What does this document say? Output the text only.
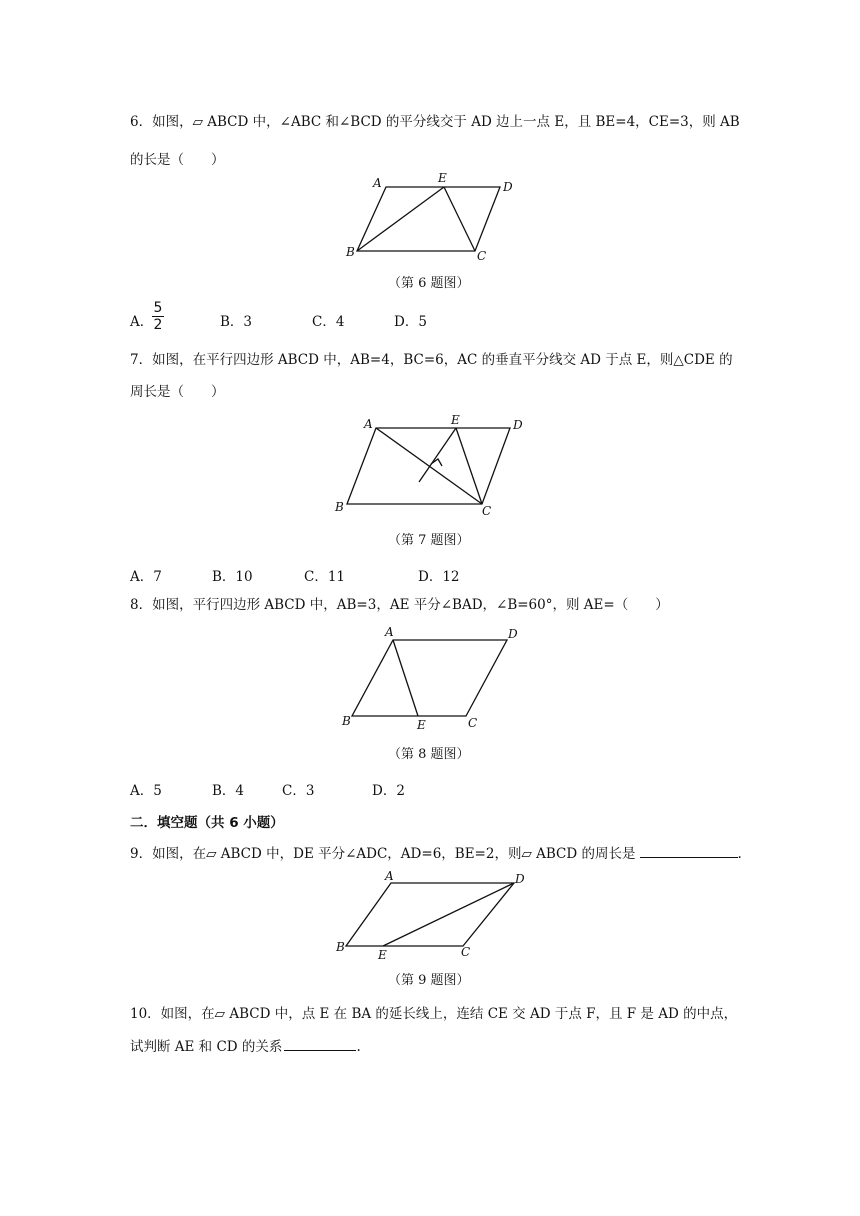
6．如图，▱ ABCD 中，∠ABC 和∠BCD 的平分线交于 AD 边上一点 E，且 BE=4，CE=3，则 AB
的长是（　　）
A	E
D
B	C
（第 6 题图）
A．
5
2	B．3	C．4	D．5
7．如图，在平行四边形 ABCD 中，AB=4，BC=6，AC 的垂直平分线交 AD 于点 E，则△CDE 的
周长是（　　）
A	E	D
B	C
（第 7 题图）
A．7	B．10	C．11	D．12
8．如图，平行四边形 ABCD 中，AB=3，AE 平分∠BAD，∠B=60°，则 AE=（　　）
A	D
B	E	C
（第 8 题图）
A．5	B．4	C．3	D．2
二．填空题（共 6 小题）
9．如图，在▱ ABCD 中，DE 平分∠ADC，AD=6，BE=2，则▱ ABCD 的周长是	.
A	D
B
E	C
（第 9 题图）
10．如图，在▱ ABCD 中，点 E 在 BA 的延长线上，连结 CE 交 AD 于点 F，且 F 是 AD 的中点，
试判断 AE 和 CD 的关系	.
